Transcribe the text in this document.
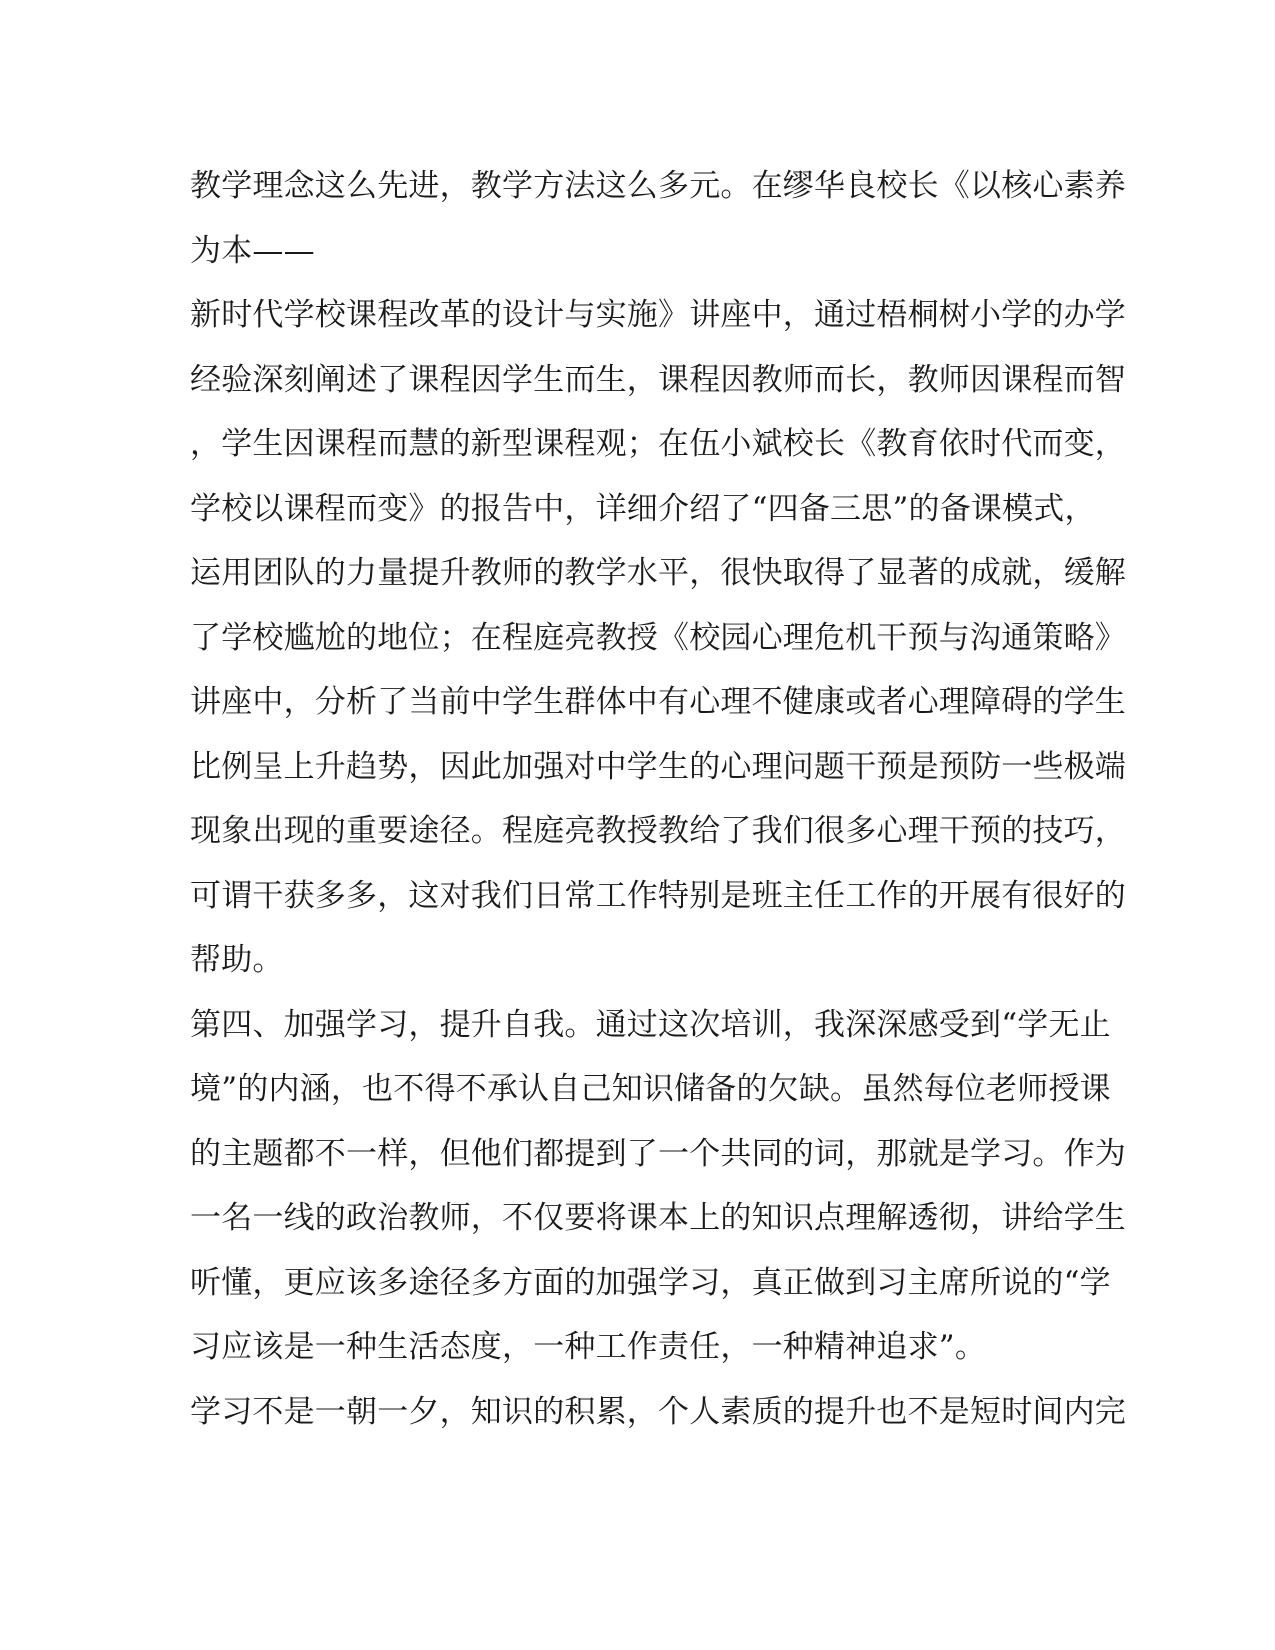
教学理念这么先进，教学方法这么多元。在缪华良校长《以核心素养
为本——
新时代学校课程改革的设计与实施》讲座中，通过梧桐树小学的办学
经验深刻阐述了课程因学生而生，课程因教师而长，教师因课程而智
，学生因课程而慧的新型课程观；在伍小斌校长《教育依时代而变，
学校以课程而变》的报告中，详细介绍了“四备三思”的备课模式，
运用团队的力量提升教师的教学水平，很快取得了显著的成就，缓解
了学校尴尬的地位；在程庭亮教授《校园心理危机干预与沟通策略》
讲座中，分析了当前中学生群体中有心理不健康或者心理障碍的学生
比例呈上升趋势，因此加强对中学生的心理问题干预是预防一些极端
现象出现的重要途径。程庭亮教授教给了我们很多心理干预的技巧，
可谓干获多多，这对我们日常工作特别是班主任工作的开展有很好的
帮助。
第四、加强学习，提升自我。通过这次培训，我深深感受到“学无止
境”的内涵，也不得不承认自己知识储备的欠缺。虽然每位老师授课
的主题都不一样，但他们都提到了一个共同的词，那就是学习。作为
一名一线的政治教师，不仅要将课本上的知识点理解透彻，讲给学生
听懂，更应该多途径多方面的加强学习，真正做到习主席所说的“学
习应该是一种生活态度，一种工作责任，一种精神追求”。
学习不是一朝一夕，知识的积累，个人素质的提升也不是短时间内完
